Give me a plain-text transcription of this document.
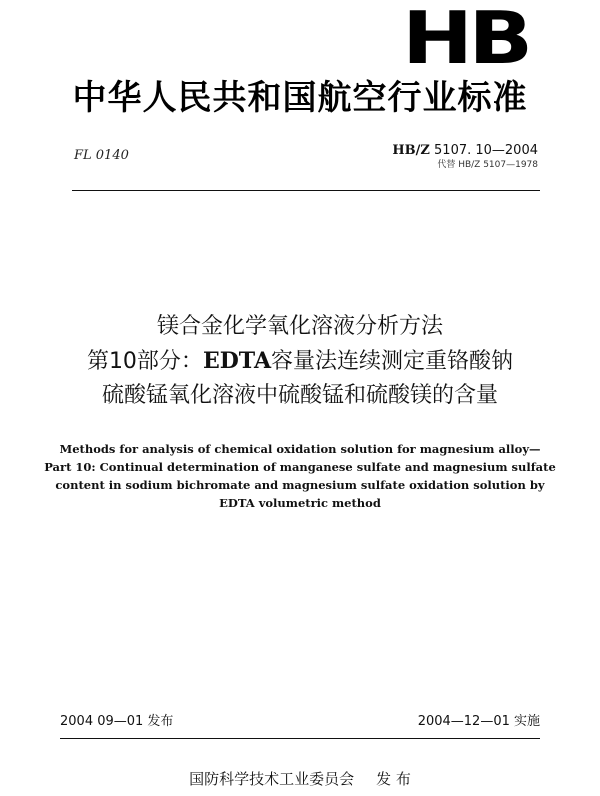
HB
中华人民共和国航空行业标准
FL 0140	HB/Z 5107. 10—2004
代替 HB/Z 5107—1978
镁合金化学氧化溶液分析方法
第10部分：EDTA容量法连续测定重铬酸钠
硫酸锰氧化溶液中硫酸锰和硫酸镁的含量
Methods for analysis of chemical oxidation solution for magnesium alloy—
Part 10: Continual determination of manganese sulfate and magnesium sulfate
content in sodium bichromate and magnesium sulfate oxidation solution by
EDTA volumetric method
2004 09—01 发布	2004—12—01 实施
国防科学技术工业委员会 发 布
